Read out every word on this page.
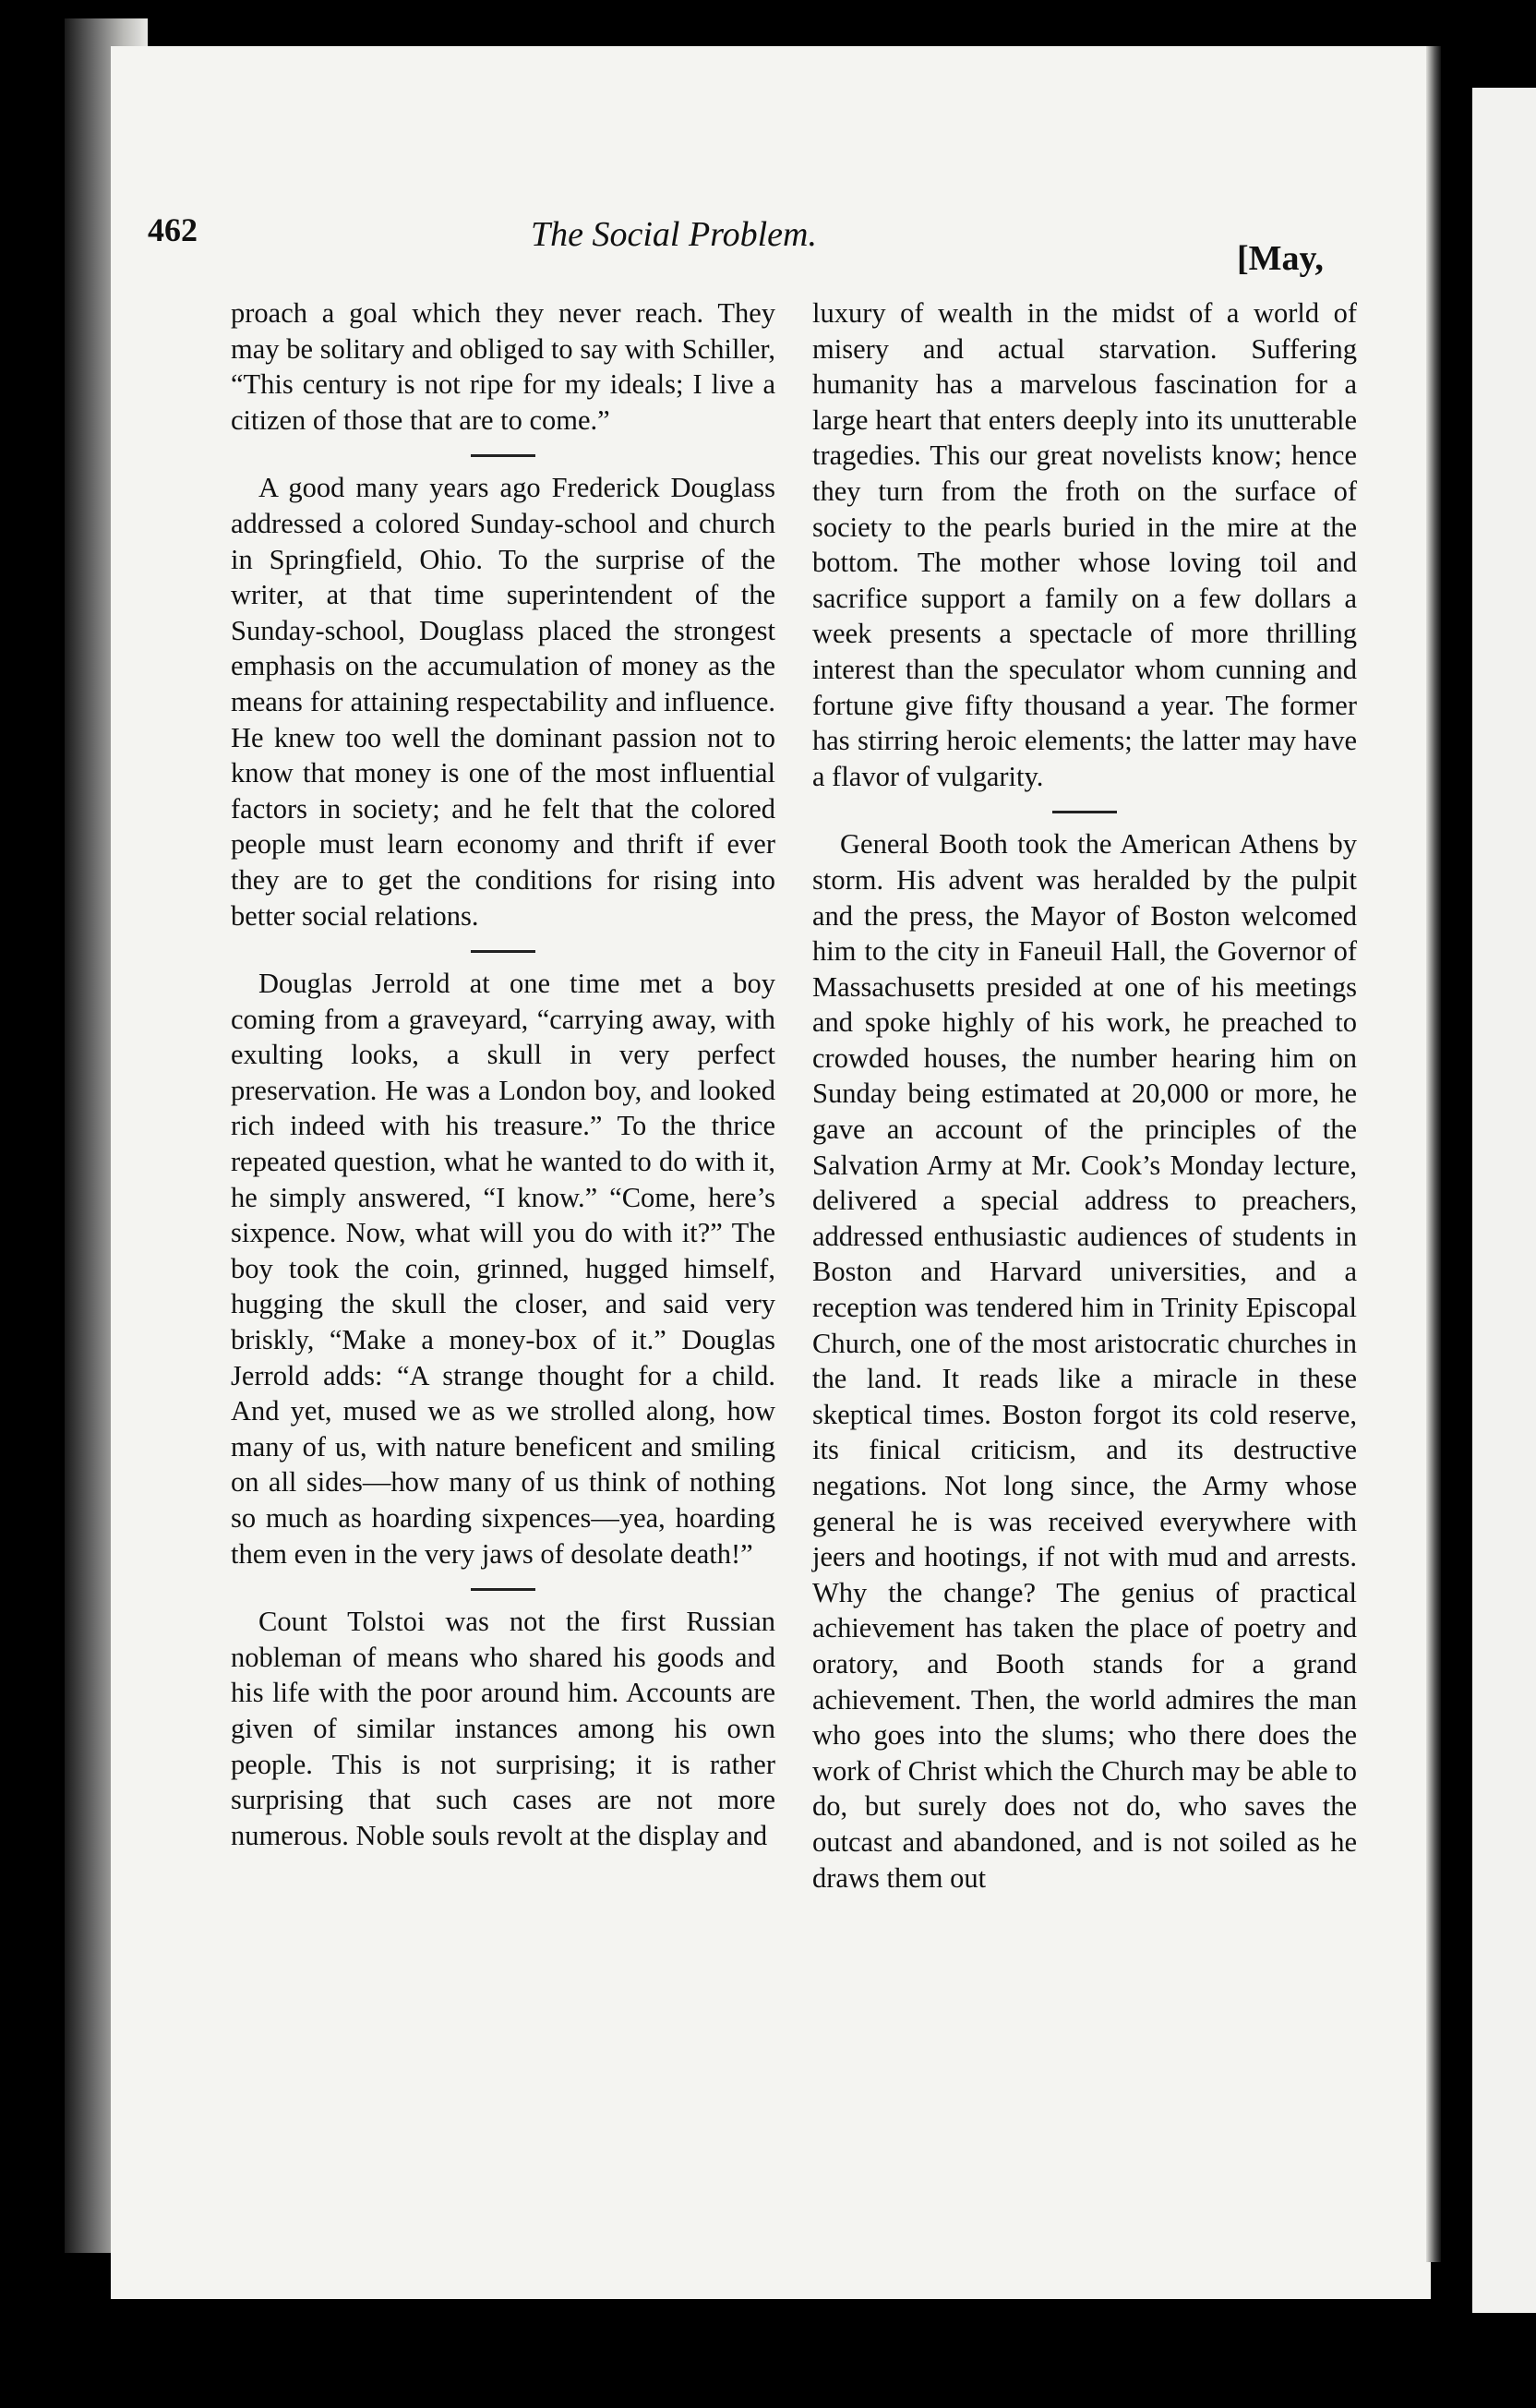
462	The Social Problem.
[May,

proach a goal which they never reach. They may be solitary and obliged to say with Schiller, “This century is not ripe for my ideals; I live a citizen of those that are to come.”

A good many years ago Frederick Douglass addressed a colored Sunday-school and church in Springfield, Ohio. To the surprise of the writer, at that time superintendent of the Sunday-school, Douglass placed the strongest emphasis on the accumulation of money as the means for attaining respectability and influence. He knew too well the dominant passion not to know that money is one of the most influential factors in society; and he felt that the colored people must learn economy and thrift if ever they are to get the conditions for rising into better social relations.

Douglas Jerrold at one time met a boy coming from a graveyard, “carrying away, with exulting looks, a skull in very perfect preservation. He was a London boy, and looked rich indeed with his treasure.” To the thrice repeated question, what he wanted to do with it, he simply answered, “I know.” “Come, here’s sixpence. Now, what will you do with it?” The boy took the coin, grinned, hugged himself, hugging the skull the closer, and said very briskly, “Make a money-box of it.” Douglas Jerrold adds: “A strange thought for a child. And yet, mused we as we strolled along, how many of us, with nature beneficent and smiling on all sides—how many of us think of nothing so much as hoarding sixpences—yea, hoarding them even in the very jaws of desolate death!”

Count Tolstoi was not the first Russian nobleman of means who shared his goods and his life with the poor around him. Accounts are given of similar instances among his own people. This is not surprising; it is rather surprising that such cases are not more numerous. Noble souls revolt at the display and

luxury of wealth in the midst of a world of misery and actual starvation. Suffering humanity has a marvelous fascination for a large heart that enters deeply into its unutterable tragedies. This our great novelists know; hence they turn from the froth on the surface of society to the pearls buried in the mire at the bottom. The mother whose loving toil and sacrifice support a family on a few dollars a week presents a spectacle of more thrilling interest than the speculator whom cunning and fortune give fifty thousand a year. The former has stirring heroic elements; the latter may have a flavor of vulgarity.

General Booth took the American Athens by storm. His advent was heralded by the pulpit and the press, the Mayor of Boston welcomed him to the city in Faneuil Hall, the Governor of Massachusetts presided at one of his meetings and spoke highly of his work, he preached to crowded houses, the number hearing him on Sunday being estimated at 20,000 or more, he gave an account of the principles of the Salvation Army at Mr. Cook’s Monday lecture, delivered a special address to preachers, addressed enthusiastic audiences of students in Boston and Harvard universities, and a reception was tendered him in Trinity Episcopal Church, one of the most aristocratic churches in the land. It reads like a miracle in these skeptical times. Boston forgot its cold reserve, its finical criticism, and its destructive negations. Not long since, the Army whose general he is was received everywhere with jeers and hootings, if not with mud and arrests. Why the change? The genius of practical achievement has taken the place of poetry and oratory, and Booth stands for a grand achievement. Then, the world admires the man who goes into the slums; who there does the work of Christ which the Church may be able to do, but surely does not do, who saves the outcast and abandoned, and is not soiled as he draws them out
